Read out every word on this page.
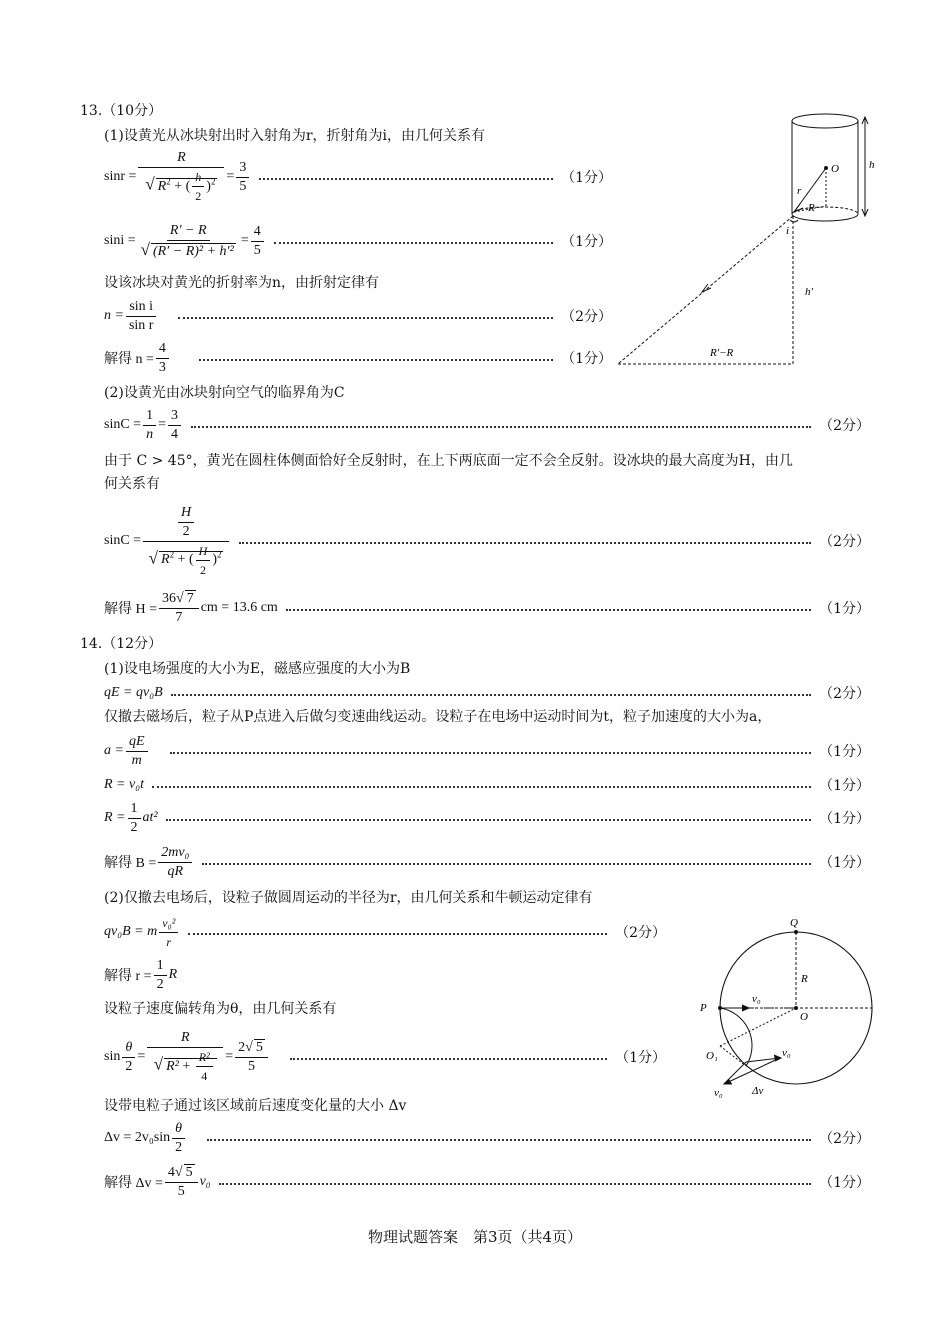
13.（10分）
(1)设黄光从冰块射出时入射角为r，折射角为i，由几何关系有
$\sin r = \frac{R}{√ R^2 + ( \frac{h}{2} )^2} = \frac{3}{5}$	（1分）
$\sin i = \frac{R' - R}{\text{√ (R′ − R)² + h′²}} = \frac{4}{5}$	（1分）
设该冰块对黄光的折射率为n，由折射定律有
$n = \frac{\text{sin i}}{\text{sin r}}$	（2分）
解得 $n = \frac{4}{3}$	（1分）
(2)设黄光由冰块射向空气的临界角为C
$\sin C = \frac{1}{n} = \frac{3}{4}$	（2分）
由于 C > 45°，黄光在圆柱体侧面恰好全反射时，在上下两底面一定不会全反射。设冰块的最大高度为H，由几
何关系有
$\sin C = \frac{\frac{H}{2}}{√ R^2 + ( \frac{H}{2} )^2}$	（2分）
解得 $H = \frac{36√ 7}{7}$ cm = 13.6 cm	（1分）
h
O
r
R
i
h′
R′−R
14.（12分）
(1)设电场强度的大小为E，磁感应强度的大小为B
qE = qv₀B	（2分）
仅撤去磁场后，粒子从P点进入后做匀变速曲线运动。设粒子在电场中运动时间为t，粒子加速度的大小为a，
$a = \frac{qE}{m}$	（1分）
R = v₀t	（1分）
$R = \frac{1}{2} at^2$	（1分）
解得 $B = \frac{\text{2mv₀}}{qR}$	（1分）
(2)仅撤去电场后，设粒子做圆周运动的半径为r，由几何关系和牛顿运动定律有
qv₀B = m $\frac{\text{v₀²}}{r}$	（2分）
解得 $r = \frac{1}{2}$ R
设粒子速度偏转角为θ，由几何关系有
$\sin \frac{\theta}{2} = \frac{R}{√ R^2 + \frac{\text{R²}}{4}} = \frac{2√ 5}{5}$	（1分）
设带电粒子通过该区域前后速度变化量的大小 Δv
$\Delta v = 2v_0\sin \frac{\theta}{2}$	（2分）
解得 $\Delta v = \frac{4√ 5}{5} v_0$	（1分）
Q
R
P
O
v₀
O₁	v₀
v₀	Δv
物理试题答案　第3页（共4页）
